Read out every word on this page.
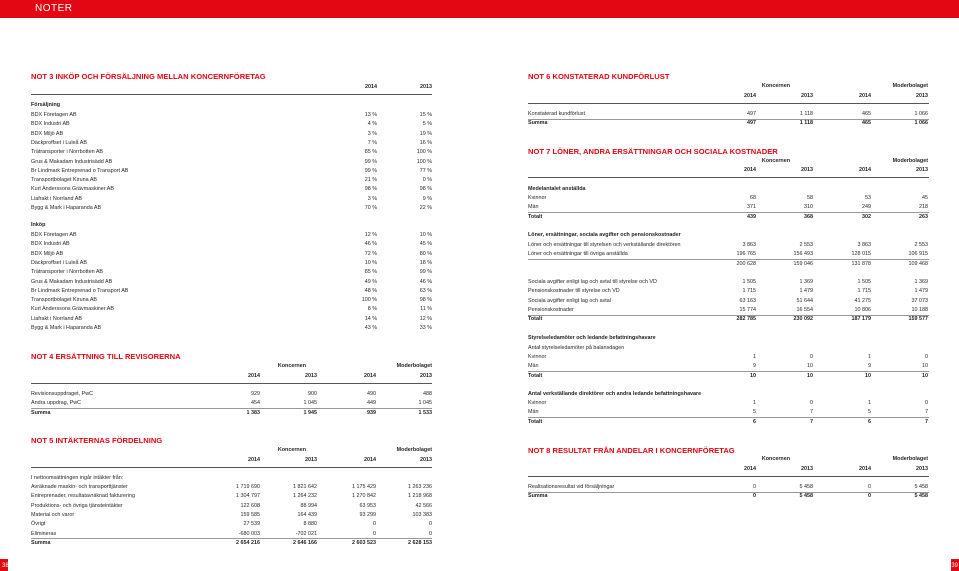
NOTER
NOT 3 INKÖP OCH FÖRSÄLJNING MELLAN KONCERNFÖRETAG
2014	2013
Försäljning
BDX Företagen AB	13 %	15 %
BDX Industri AB	4 %	5 %
BDX Miljö AB	3 %	19 %
Däckproffset i Luleå AB	7 %	16 %
Trätransporter i Norrbotten AB	85 %	100 %
Grus & Makadam Industrisädd AB	99 %	100 %
Br Lindmark Entreprenad o Transport AB	99 %	77 %
Transportbolaget Kiruna AB	21 %	0 %
Kurt Anderssons Grävmaskiner AB	98 %	98 %
Liafrakt i Norrland AB	3 %	9 %
Bygg & Mark i Haparanda AB	70 %	22 %
Inköp
BDX Företagen AB	12 %	10 %
BDX Industri AB	46 %	45 %
BDX Miljö AB	72 %	80 %
Däckproffset i Luleå AB	10 %	18 %
Trätransporter i Norrbotten AB	85 %	99 %
Grus & Makadam Industrisädd AB	49 %	46 %
Br Lindmark Entreprenad o Transport AB	48 %	63 %
Transportbolaget Kiruna AB	100 %	98 %
Kurt Anderssons Grävmaskiner AB	8 %	11 %
Liafrakt i Norrland AB	14 %	12 %
Bygg & Mark i Haparanda AB	43 %	33 %
NOT 4 ERSÄTTNING TILL REVISORERNA
Koncernen	Moderbolaget
2014	2013	2014	2013
Revisionsuppdraget, PwC	929	900	490	488
Andra uppdrag, PwC	454	1 045	449	1 045
Summa	1 383	1 945	939	1 533
NOT 5 INTÄKTERNAS FÖRDELNING
Koncernen	Moderbolaget
2014	2013	2014	2013
I nettoomsättningen ingår intäkter från:
Avräknade maskin- och transporttjänster	1 719 690	1 821 642	1 175 429	1 263 236
Entreprenader, resultatavräknad fakturering	1 304 797	1 264 232	1 270 842	1 218 968
Produktions- och övriga tjänsteintäkter	122 608	88 994	63 953	42 566
Material och varor	159 585	164 439	93 299	103 383
Övrigt	27 539	8 880	0	0
Elimineras	-680 003	-702 021	0	0
Summa	2 654 216	2 646 166	2 603 523	2 628 153
NOT 6 KONSTATERAD KUNDFÖRLUST
Koncernen	Moderbolaget
2014	2013	2014	2013
Konstaterad kundförlust	497	1 118	465	1 066
Summa	497	1 118	465	1 066
NOT 7 LÖNER, ANDRA ERSÄTTNINGAR OCH SOCIALA KOSTNADER
Koncernen	Moderbolaget
2014	2013	2014	2013
Medelantalet anställda
Kvinnor	68	58	53	45
Män	371	310	249	218
Totalt	439	368	302	263
Löner, ersättningar, sociala avgifter och pensionskostnader
Löner och ersättningar till styrelsen och verkställande direktören	3 863	2 553	3 863	2 553
Löner och ersättningar till övriga anställda	196 765	156 493	128 015	106 915
200 628	159 046	131 878	109 468
Sociala avgifter enligt lag och avtal till styrelse och VD	1 505	1 369	1 505	1 369
Pensionskostnader till styrelse och VD	1 715	1 479	1 715	1 479
Sociala avgifter enligt lag och avtal	63 163	51 644	41 275	37 073
Pensionskostnader	15 774	16 554	10 806	10 188
Totalt	282 785	230 092	187 179	159 577
Styrelseledamöter och ledande befattningshavare
Antal styrelseledamöter på balansdagen
Kvinnor	1	0	1	0
Män	9	10	9	10
Totalt	10	10	10	10
Antal verkställande direktörer och andra ledande befattningshavare
Kvinnor	1	0	1	0
Män	5	7	5	7
Totalt	6	7	6	7
NOT 8 RESULTAT FRÅN ANDELAR I KONCERNFÖRETAG
Koncernen	Moderbolaget
2014	2013	2014	2013
Realisationsresultat vid försäljningar	0	5 458	0	5 458
Summa	0	5 458	0	5 458
38	39
